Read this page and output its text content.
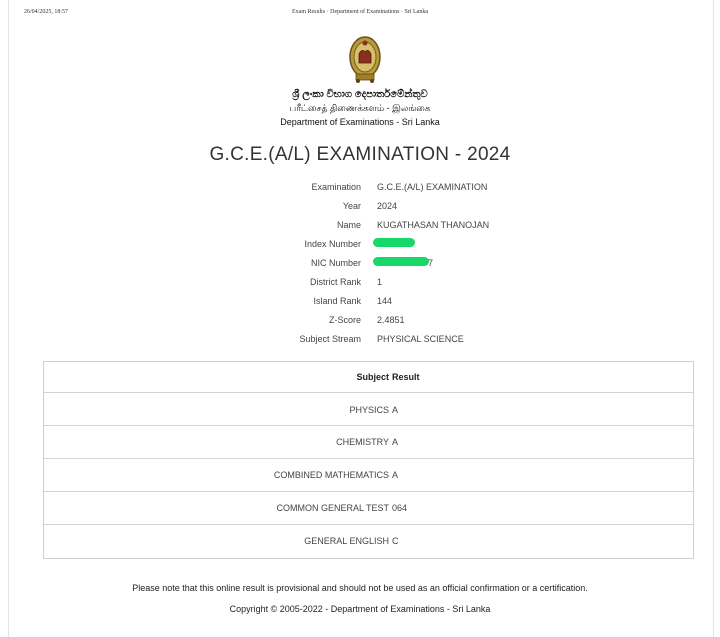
26/04/2025, 18:57	Exam Results · Department of Examinations · Sri Lanka
ශ්‍රී ලංකා විභාග දෙපාර්තමේන්තුව
பரீட்சைத் திணைக்களம் - இலங்கை
Department of Examinations - Sri Lanka
G.C.E.(A/L) EXAMINATION - 2024
Examination G.C.E.(A/L) EXAMINATION
Year 2024
Name KUGATHASAN THANOJAN
Index Number
NIC Number	7
District Rank 1
Island Rank 144
Z-Score 2.4851
Subject Stream PHYSICAL SCIENCE
Subject Result
PHYSICS A
CHEMISTRY A
COMBINED MATHEMATICS A
COMMON GENERAL TEST 064
GENERAL ENGLISH C
Please note that this online result is provisional and should not be used as an official confirmation or a certification.
Copyright © 2005-2022 - Department of Examinations - Sri Lanka
